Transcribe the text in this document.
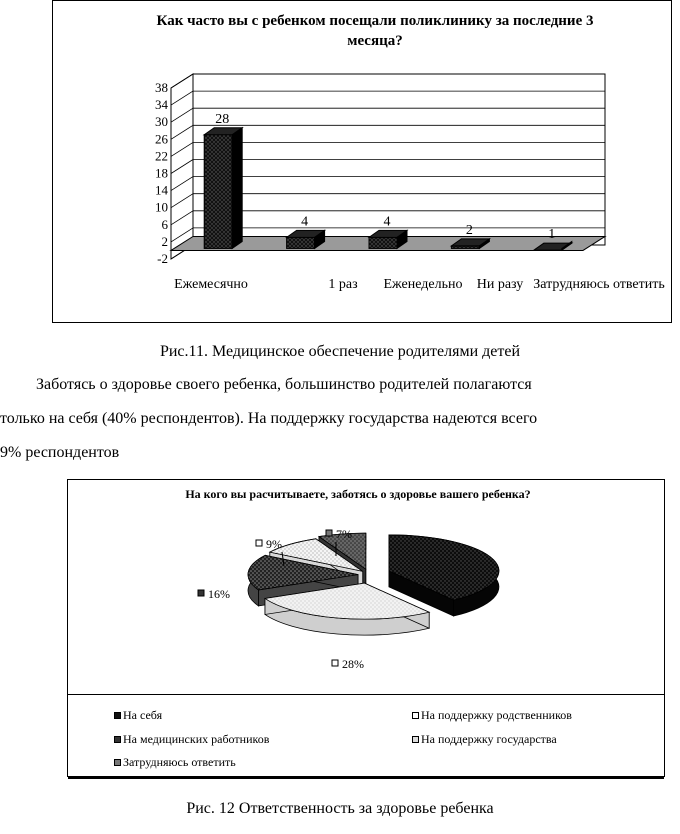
Как часто вы с ребенком посещали поликлинику за последние 3
месяца?
-2
2
6
10
14
18
22
26
30
34
38
28
4	4
2	1
Ежемесячно	1 раз Еженедельно Ни разу Затрудняюсь ответить
Рис.11. Медицинское обеспечение родителями детей
Заботясь о здоровье своего ребенка, большинство родителей полагаются
только на себя (40% респондентов). На поддержку государства надеются всего
9% респондентов
На кого вы расчитываете, заботясь о здоровье вашего ребенка?
28%
16%
9%
7%
На себя	На поддержку родственников
На медицинских работников	На поддержку государства
Затрудняюсь ответить
Рис. 12 Ответственность за здоровье ребенка
